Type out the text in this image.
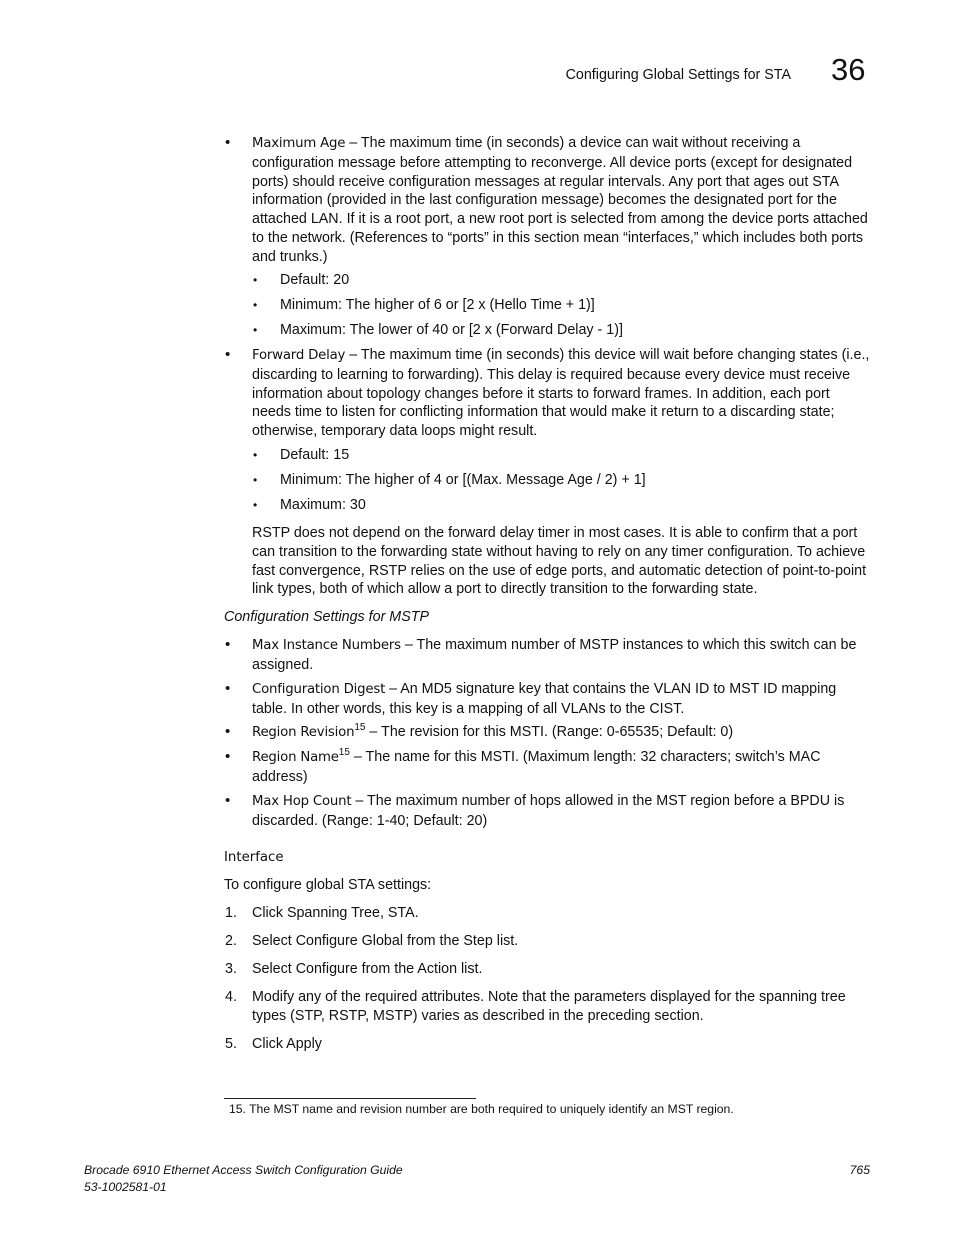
Configuring Global Settings for STA 36
• Maximum Age – The maximum time (in seconds) a device can wait without receiving a configuration message before attempting to reconverge. All device ports (except for designated ports) should receive configuration messages at regular intervals. Any port that ages out STA information (provided in the last configuration message) becomes the designated port for the attached LAN. If it is a root port, a new root port is selected from among the device ports attached to the network. (References to “ports” in this section mean “interfaces,” which includes both ports and trunks.)
• Default: 20
• Minimum: The higher of 6 or [2 x (Hello Time + 1)]
• Maximum: The lower of 40 or [2 x (Forward Delay - 1)]
• Forward Delay – The maximum time (in seconds) this device will wait before changing states (i.e., discarding to learning to forwarding). This delay is required because every device must receive information about topology changes before it starts to forward frames. In addition, each port needs time to listen for conflicting information that would make it return to a discarding state; otherwise, temporary data loops might result.
• Default: 15
• Minimum: The higher of 4 or [(Max. Message Age / 2) + 1]
• Maximum: 30
RSTP does not depend on the forward delay timer in most cases. It is able to confirm that a port can transition to the forwarding state without having to rely on any timer configuration. To achieve fast convergence, RSTP relies on the use of edge ports, and automatic detection of point-to-point link types, both of which allow a port to directly transition to the forwarding state.
Configuration Settings for MSTP
• Max Instance Numbers – The maximum number of MSTP instances to which this switch can be assigned.
• Configuration Digest – An MD5 signature key that contains the VLAN ID to MST ID mapping table. In other words, this key is a mapping of all VLANs to the CIST.
• Region Revision$^{15}$ – The revision for this MSTI. (Range: 0-65535; Default: 0)
• Region Name$^{15}$ – The name for this MSTI. (Maximum length: 32 characters; switch’s MAC address)
• Max Hop Count – The maximum number of hops allowed in the MST region before a BPDU is discarded. (Range: 1-40; Default: 20)
Interface
To configure global STA settings:
1. Click Spanning Tree, STA.
2. Select Configure Global from the Step list.
3. Select Configure from the Action list.
4. Modify any of the required attributes. Note that the parameters displayed for the spanning tree types (STP, RSTP, MSTP) varies as described in the preceding section.
5. Click Apply
15. The MST name and revision number are both required to uniquely identify an MST region.
Brocade 6910 Ethernet Access Switch Configuration Guide
53-1002581-01
765
